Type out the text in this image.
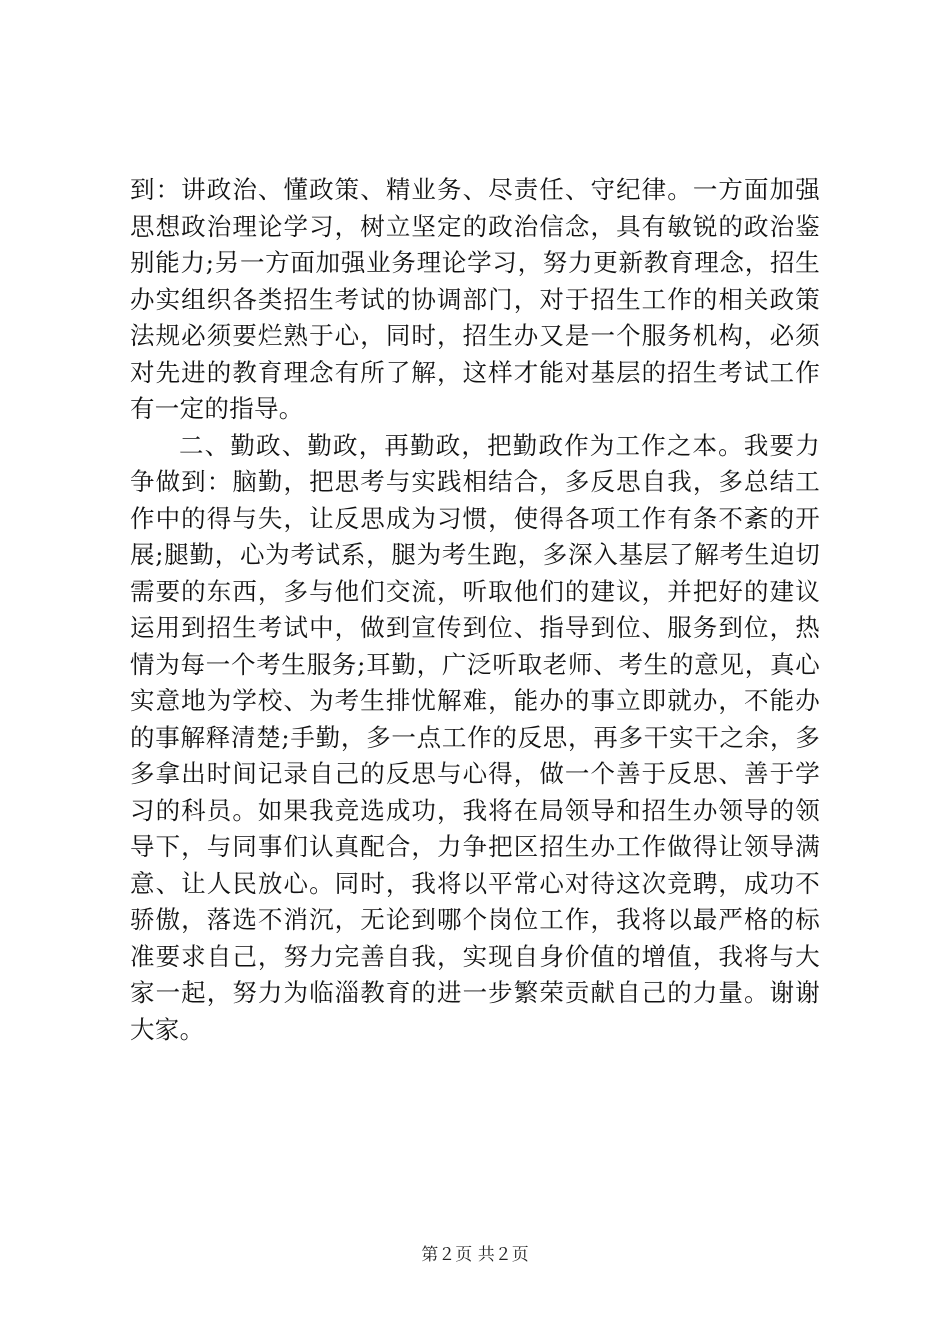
到：讲政治、懂政策、精业务、尽责任、守纪律。一方面加强
思想政治理论学习，树立坚定的政治信念，具有敏锐的政治鉴
别能力;另一方面加强业务理论学习，努力更新教育理念，招生
办实组织各类招生考试的协调部门，对于招生工作的相关政策
法规必须要烂熟于心，同时，招生办又是一个服务机构，必须
对先进的教育理念有所了解，这样才能对基层的招生考试工作
有一定的指导。
二、勤政、勤政，再勤政，把勤政作为工作之本。我要力
争做到：脑勤，把思考与实践相结合，多反思自我，多总结工
作中的得与失，让反思成为习惯，使得各项工作有条不紊的开
展;腿勤，心为考试系，腿为考生跑，多深入基层了解考生迫切
需要的东西，多与他们交流，听取他们的建议，并把好的建议
运用到招生考试中，做到宣传到位、指导到位、服务到位，热
情为每一个考生服务;耳勤，广泛听取老师、考生的意见，真心
实意地为学校、为考生排忧解难，能办的事立即就办，不能办
的事解释清楚;手勤，多一点工作的反思，再多干实干之余，多
多拿出时间记录自己的反思与心得，做一个善于反思、善于学
习的科员。如果我竞选成功，我将在局领导和招生办领导的领
导下，与同事们认真配合，力争把区招生办工作做得让领导满
意、让人民放心。同时，我将以平常心对待这次竞聘，成功不
骄傲，落选不消沉，无论到哪个岗位工作，我将以最严格的标
准要求自己，努力完善自我，实现自身价值的增值，我将与大
家一起，努力为临淄教育的进一步繁荣贡献自己的力量。谢谢
大家。
第２页 共２页
